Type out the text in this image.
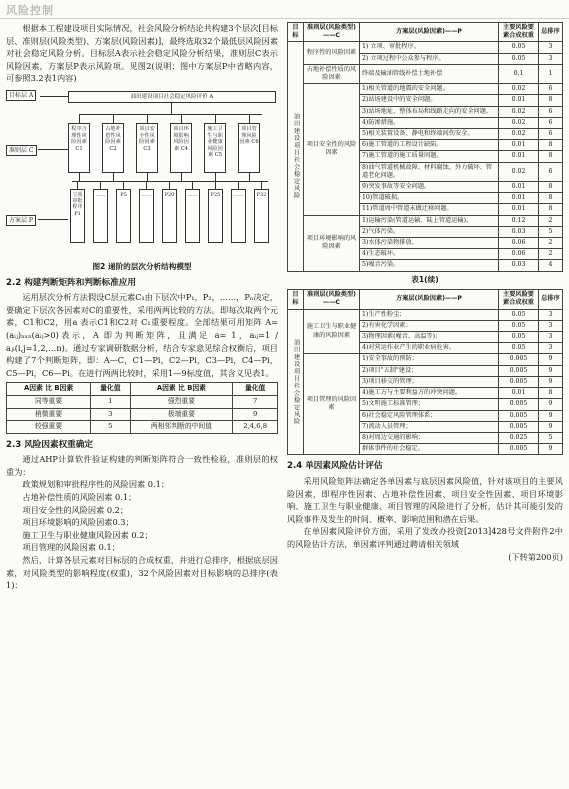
风险控制

根据本工程建设项目实际情况，社会风险分析结论共构建3个层次[目标层、准则层(风险类型)、方案层(风险因素)]，最终选取32个最低层风险因素对社会稳定风险分析。目标层A表示社会稳定风险分析结果，准则层C表示风险因素，方案层P表示风险项。见图2(说明：图中方案层P中省略内容，可参照3.2表1内容)

目标层 A	油田建设项目社会稳定风险评价 A
准则层 C
方案层 P
程序合理性风险因素 C1
占地补偿性风险因素 C2
项目安全性风险因素 C3
项目环境影响风险因素 C4
施工卫生与职业健康风险因素 C5
项目管理风险因素 C6
立项审批程序 P1
……	P5	……	P20	……	P25	……	P32
图2 递阶的层次分析结构模型
2.2 构建判断矩阵和判断标准应用

运用层次分析方法假设C层元素C₁由下层次中P₁，P₂，……，Pₙ决定，要确定下层次各因素对C的重要性，采用两两比较的方法。即每次取两个元素，C1和C2，用a 表示C1和C2对 C₁重要程度。全部结果可用矩阵 A=(aᵢⱼ)ₙₓₙ(aᵢⱼ>0)表示，A 即为判断矩阵，且满足 a= 1，aᵢⱼ=1 / aⱼᵢ(i,j=1,2,…n)。通过专家调研数据分析，结合专家意见综合权衡后，项目构建了7个判断矩阵，即：A—C，C1—Pi，C2—Pi，C3—Pi，C4—Pi，C5—Pi，C6—Pi。在进行两两比较时，采用1—9标度值，其含义见表1。

A因素 比 B因素	量化值	A因素 比 B因素	量化值
同等重要	1	强烈重要	7
稍微重要	3	极端重要	9
较强重要	5	两相邻判断的中间值	2,4,6,8
2.3 风险因素权重确定

通过AHP计算软件验证构建的判断矩阵符合一致性检验，准则层的权重为：

政策规划和审批程序性的风险因素 0.1；
占地补偿性质的风险因素 0.1；
项目安全性的风险因素 0.2；
项目环境影响的风险因素0.3；
施工卫生与职业健康风险因素 0.2；
项目管理的风险因素 0.1；

然后，计算各层元素对目标层的合成权重，并进行总排序，根据底层因素，对风险类型的影响程度(权重)，32个风险因素对目标影响的总排序(表1)：

目标	准则层(风险类型)——C	方案层(风险因素)——P	主要风险要素合成权重	总排序
油田建设项目社会稳定风险	程序性的风险因素	1) 立项、审批程序。	0.05	3
		2) 立项过程中公众参与程序。	0.05	3
	占地补偿性质的风险因素	终端及输油管线补偿土地补偿	0.1	1
	项目安全性的风险因素	1)相关管道的地震的安全问题。	0.02	6
		2)站场建设中的安全问题。	0.01	8
		3)站场地址，整体布局和线路走向的安全问题。	0.02	6
		4)防渗措施。	0.02	6
		5)相关装置设备、静电和终端间伤安全。	0.02	6
		6)施工管道的工程设计缺陷。	0.01	8
		7)施工管道的施工质量问题。	0.01	8
		8)油气管道机械故障、材料腐蚀、外力破坏、管道老化问题。	0.02	6
		9)突发事故等安全问题。	0.01	8
		10)管道破损。	0.01	8
		11)管道周中管道未做迁移问题。	0.01	8
	项目环境影响的风险因素	1)运输污染(管道运输、陆上管道运输)。	0.12	2
		2)气体污染。	0.03	5
		3)水体污染物排放。	0.06	2
		4)生态破坏。	0.06	2
		5)噪音污染。	0.03	4
表1(续)
目标	准则层(风险类型)——C	方案层(风险因素)——P	主要风险要素合成权重	总排序
油田建设项目社会稳定风险	施工卫生与职业健康的风险因素	1)生产性粉尘；	0.05	3
		2)有害化学因素；	0.05	3
		3)物理因素(噪音、高温等)；	0.05	3
		4)对营运作业产生的职业病危害。	0.05	3
	项目管理的风险因素	1)安全事故的预防；	0.005	9
		2)项目"五制"建设；	0.005	9
		3)项目移交的管理；	0.005	9
		4)施工方与主要利益方的冲突问题。	0.01	8
		5)文明施工标准管理；	0.005	9
		6)社会稳定风险管理体系；	0.005	9
		7)流动人员管理；	0.005	9
		8)对周边交通的影响；	0.025	5
		群体事件的社会稳定。	0.005	9
2.4 单因素风险估计评估

采用风险矩阵法确定各单因素与底层因素风险值，针对该项目的主要风险因素，即程序性因素、占地补偿性因素、项目安全性因素、项目环境影响、施工卫生与职业健康、项目管理的风险进行了分析，估计其可能引发的风险事件及发生的时间、概率、影响范围和潜在后果。

在单因素风险评价方面，采用了发改办投资[2013]428号文件附件2中的风险估计方法，单因素评判通过聘请相关领域

(下转第200页)
